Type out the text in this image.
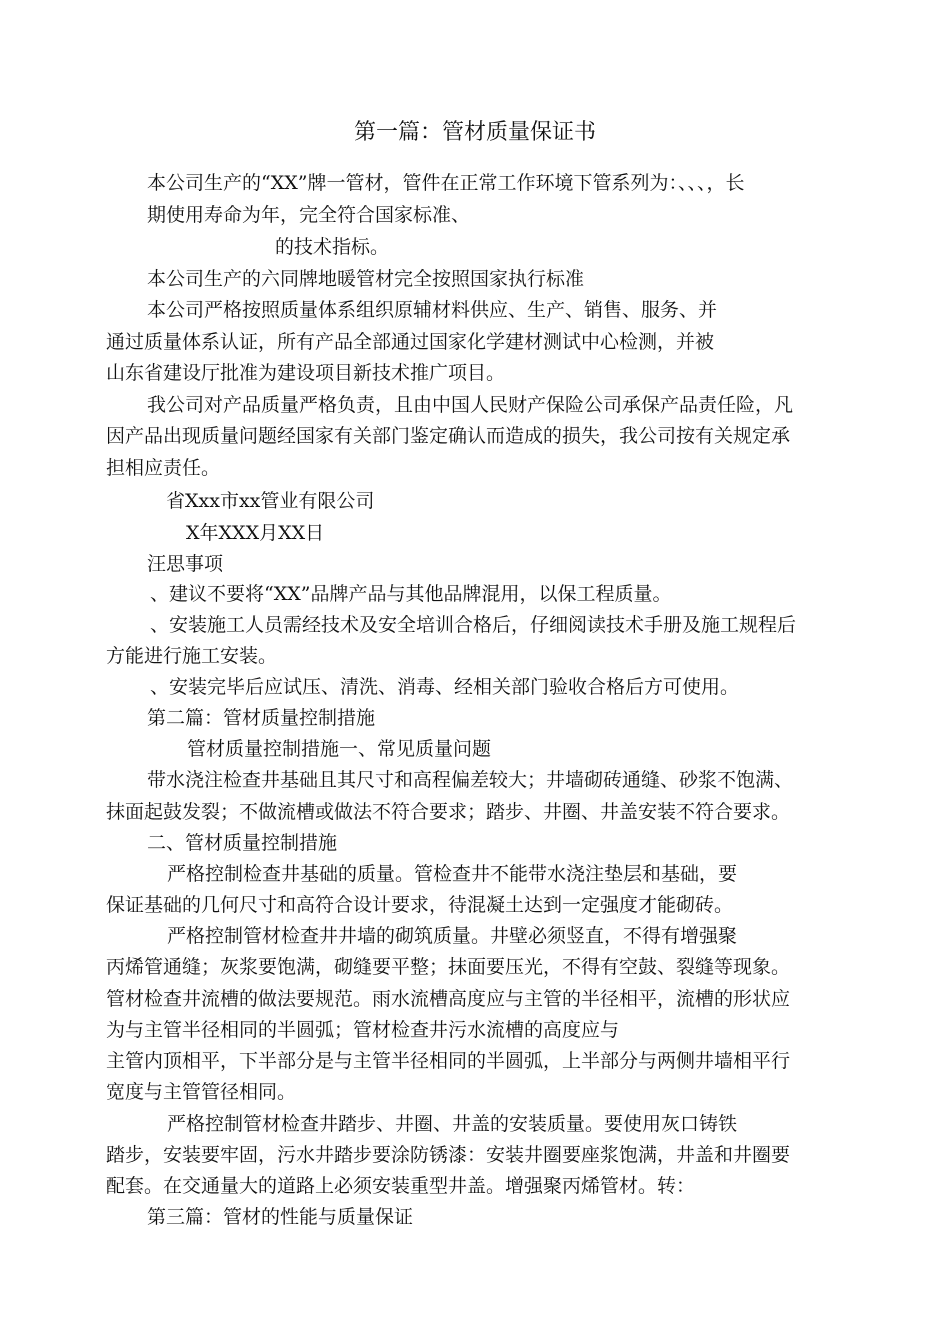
第一篇：管材质量保证书
本公司生产的“XX”牌一管材，管件在正常工作环境下管系列为：、、、，长
期使用寿命为年，完全符合国家标准、
的技术指标。
本公司生产的六同牌地暖管材完全按照国家执行标准
本公司严格按照质量体系组织原辅材料供应、生产、销售、服务、并
通过质量体系认证，所有产品全部通过国家化学建材测试中心检测，并被
山东省建设厅批准为建设项目新技术推广项目。
我公司对产品质量严格负责，且由中国人民财产保险公司承保产品责任险，凡
因产品出现质量问题经国家有关部门鉴定确认而造成的损失，我公司按有关规定承
担相应责任。
省Xxx市xx管业有限公司
X年XXX月XX日
汪思事项
、建议不要将“XX”品牌产品与其他品牌混用，以保工程质量。
、安装施工人员需经技术及安全培训合格后，仔细阅读技术手册及施工规程后
方能进行施工安装。
、安装完毕后应试压、清洗、消毒、经相关部门验收合格后方可使用。
第二篇：管材质量控制措施
管材质量控制措施一、常见质量问题
带水浇注检查井基础且其尺寸和高程偏差较大；井墙砌砖通缝、砂浆不饱满、
抹面起鼓发裂；不做流槽或做法不符合要求；踏步、井圈、井盖安装不符合要求。
二、管材质量控制措施
严格控制检查井基础的质量。管检查井不能带水浇注垫层和基础，要
保证基础的几何尺寸和高符合设计要求，待混凝土达到一定强度才能砌砖。
严格控制管材检查井井墙的砌筑质量。井壁必须竖直，不得有增强聚
丙烯管通缝；灰浆要饱满，砌缝要平整；抹面要压光，不得有空鼓、裂缝等现象。
管材检查井流槽的做法要规范。雨水流槽高度应与主管的半径相平，流槽的形状应
为与主管半径相同的半圆弧；管材检查井污水流槽的高度应与
主管内顶相平，下半部分是与主管半径相同的半圆弧，上半部分与两侧井墙相平行
宽度与主管管径相同。
严格控制管材检查井踏步、井圈、井盖的安装质量。要使用灰口铸铁
踏步，安装要牢固，污水井踏步要涂防锈漆：安装井圈要座浆饱满，井盖和井圈要
配套。在交通量大的道路上必须安装重型井盖。增强聚丙烯管材。转：
第三篇：管材的性能与质量保证
